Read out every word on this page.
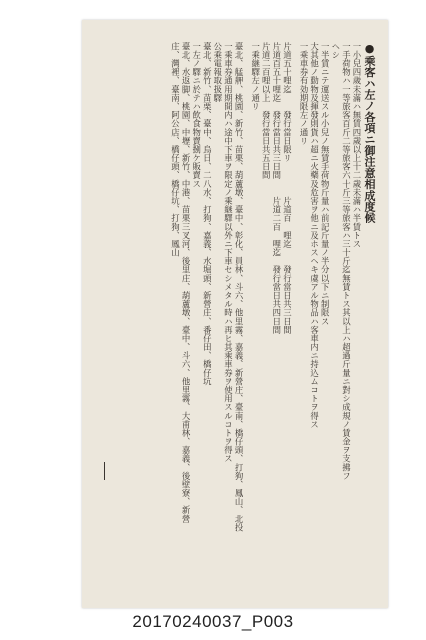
●乘客ハ左ノ各項ニ御注意相成度候
一小兒四歲未滿ハ無賃四歲以上十二歲未滿ハ半賃トス
一手荷物ハ一等旅客百斤二等旅客六十斤三等旅客ハ三十斤迄無賃トス其以上ハ超過斤量ニ對シ成規ノ賃金ヲ支拂フ
ヘシ
一半賃ニテ運送スル小兒ノ無賃手荷物斤量ハ前記斤量ノ半分以下ニ制限ス
大其他ノ動物及揮發則貨ハ超ニ火藥及危害ヲ他ニ及ホスヘキ虞アル物品ハ客車内ニ持込ムコトヲ得ス
一乘車券有効期限左ノ通リ
片道五十哩迄　　發行當日限リ　　　　片道百　哩迄　　發行當日共三日間
片道百五十哩迄　發行當日共三日間　　片道二百　哩迄　發行當日共四日間
片道二百哩以上　發行當日共五日間
一乘継驛左ノ通リ
臺北、艋舺、桃園、新竹、苗栗、葫蘆墩、臺中、彰化、員林、斗六、他里霧、嘉義、新營庄、臺南、橋仔頭、打狗、鳳山、北投
一乘車券通用期間内ハ途中下車ヲ限定ノ乘継驛以外ニ下車セシメタル時ハ再ヒ其乘車券ヲ使用スルコトヲ得ス
公乘電報取扱驛
臺北、新竹、苗栗、臺中、烏日、二八水、打狗、嘉義、水堀頭、新營庄、番仔田、橋仔坑
一左ノ驛ニ於テハ飲食物賣捌ケ販賣ス
臺北、水返脚、桃園、中壢、新竹、中港、苗栗三叉河、後里庄、葫蘆墩、臺中、斗六、他里霧、大甫林、嘉義、後壁寮、新營
庄、灣裡、臺南、阿公店、橋仔頭、橋仔坑、打狗、鳳山
20170240037_P003
